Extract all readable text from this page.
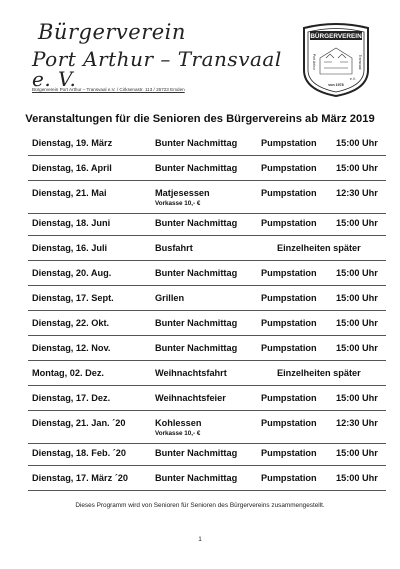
Bürgerverein
Port Arthur – Transvaal e. V.
Bürgerverein Port Arthur – Transvaal e.V. / Cirksenastr. 113 / 26723 Emden
BÜRGERVEREIN
Port Arthur	Transvaal
e.V.
von 1978
Veranstaltungen für die Senioren des Bürgervereins ab März 2019
Dienstag, 19. März	Bunter Nachmittag	Pumpstation 15:00 Uhr
Dienstag, 16. April	Bunter Nachmittag	Pumpstation 15:00 Uhr
Dienstag, 21. Mai	Matjesessen	Pumpstation 12:30 Uhr
Vorkasse 10,- €
Dienstag, 18. Juni	Bunter Nachmittag	Pumpstation 15:00 Uhr
Dienstag, 16. Juli	Busfahrt	Einzelheiten später
Dienstag, 20. Aug.	Bunter Nachmittag	Pumpstation 15:00 Uhr
Dienstag, 17. Sept.	Grillen	Pumpstation 15:00 Uhr
Dienstag, 22. Okt.	Bunter Nachmittag	Pumpstation 15:00 Uhr
Dienstag, 12. Nov.	Bunter Nachmittag	Pumpstation 15:00 Uhr
Montag, 02. Dez.	Weihnachtsfahrt	Einzelheiten später
Dienstag, 17. Dez.	Weihnachtsfeier	Pumpstation 15:00 Uhr
Dienstag, 21. Jan. ´20	Kohlessen	Pumpstation 12:30 Uhr
Vorkasse 10,- €
Dienstag, 18. Feb. ´20	Bunter Nachmittag	Pumpstation 15:00 Uhr
Dienstag, 17. März ´20	Bunter Nachmittag	Pumpstation 15:00 Uhr
Dieses Programm wird von Senioren für Senioren des Bürgervereins zusammengestellt.
1
